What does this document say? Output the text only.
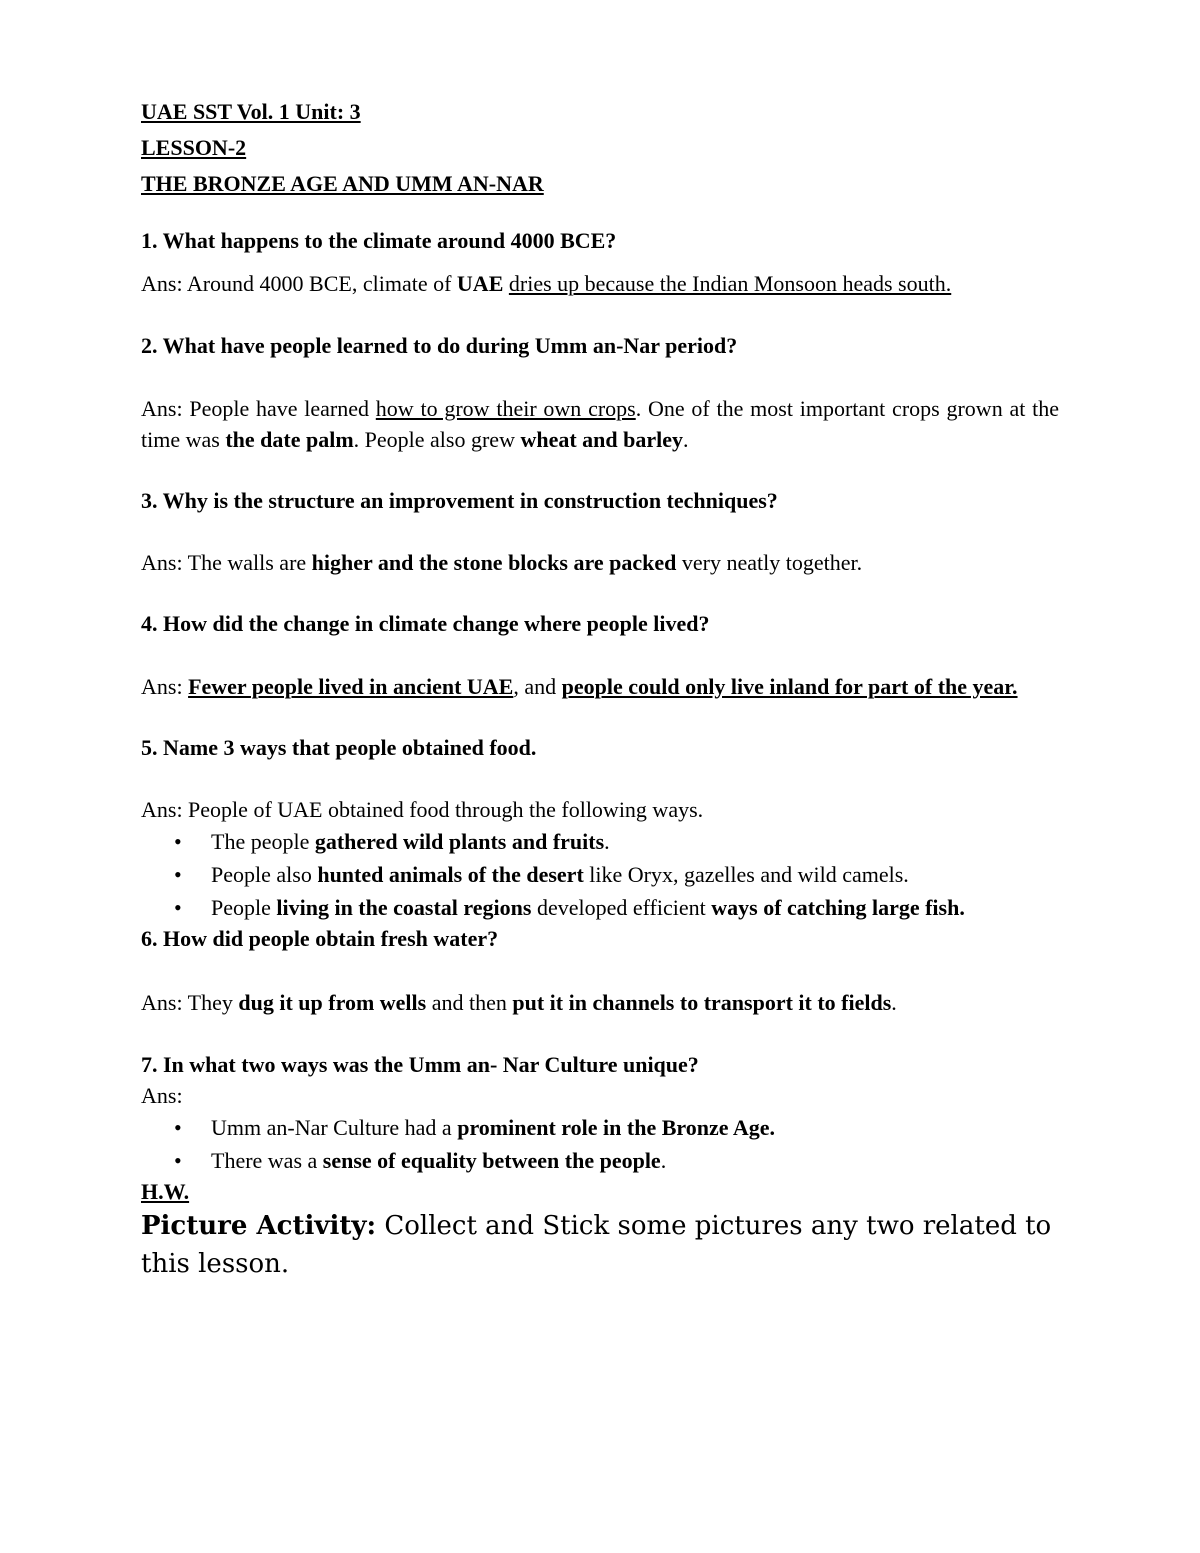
UAE SST Vol. 1 Unit: 3
LESSON-2
THE BRONZE AGE AND UMM AN-NAR
1. What happens to the climate around 4000 BCE?
Ans: Around 4000 BCE, climate of UAE dries up because the Indian Monsoon heads south.
2. What have people learned to do during Umm an-Nar period?
Ans: People have learned how to grow their own crops. One of the most important crops grown at the time was the date palm. People also grew wheat and barley.
3. Why is the structure an improvement in construction techniques?
Ans: The walls are higher and the stone blocks are packed very neatly together.
4. How did the change in climate change where people lived?
Ans: Fewer people lived in ancient UAE, and people could only live inland for part of the year.
5. Name 3 ways that people obtained food.
Ans: People of UAE obtained food through the following ways.
• The people gathered wild plants and fruits.
• People also hunted animals of the desert like Oryx, gazelles and wild camels.
• People living in the coastal regions developed efficient ways of catching large fish.
6. How did people obtain fresh water?
Ans: They dug it up from wells and then put it in channels to transport it to fields.
7. In what two ways was the Umm an- Nar Culture unique?
Ans:
• Umm an-Nar Culture had a prominent role in the Bronze Age.
• There was a sense of equality between the people.
H.W.
Picture Activity: Collect and Stick some pictures any two related to this lesson.
